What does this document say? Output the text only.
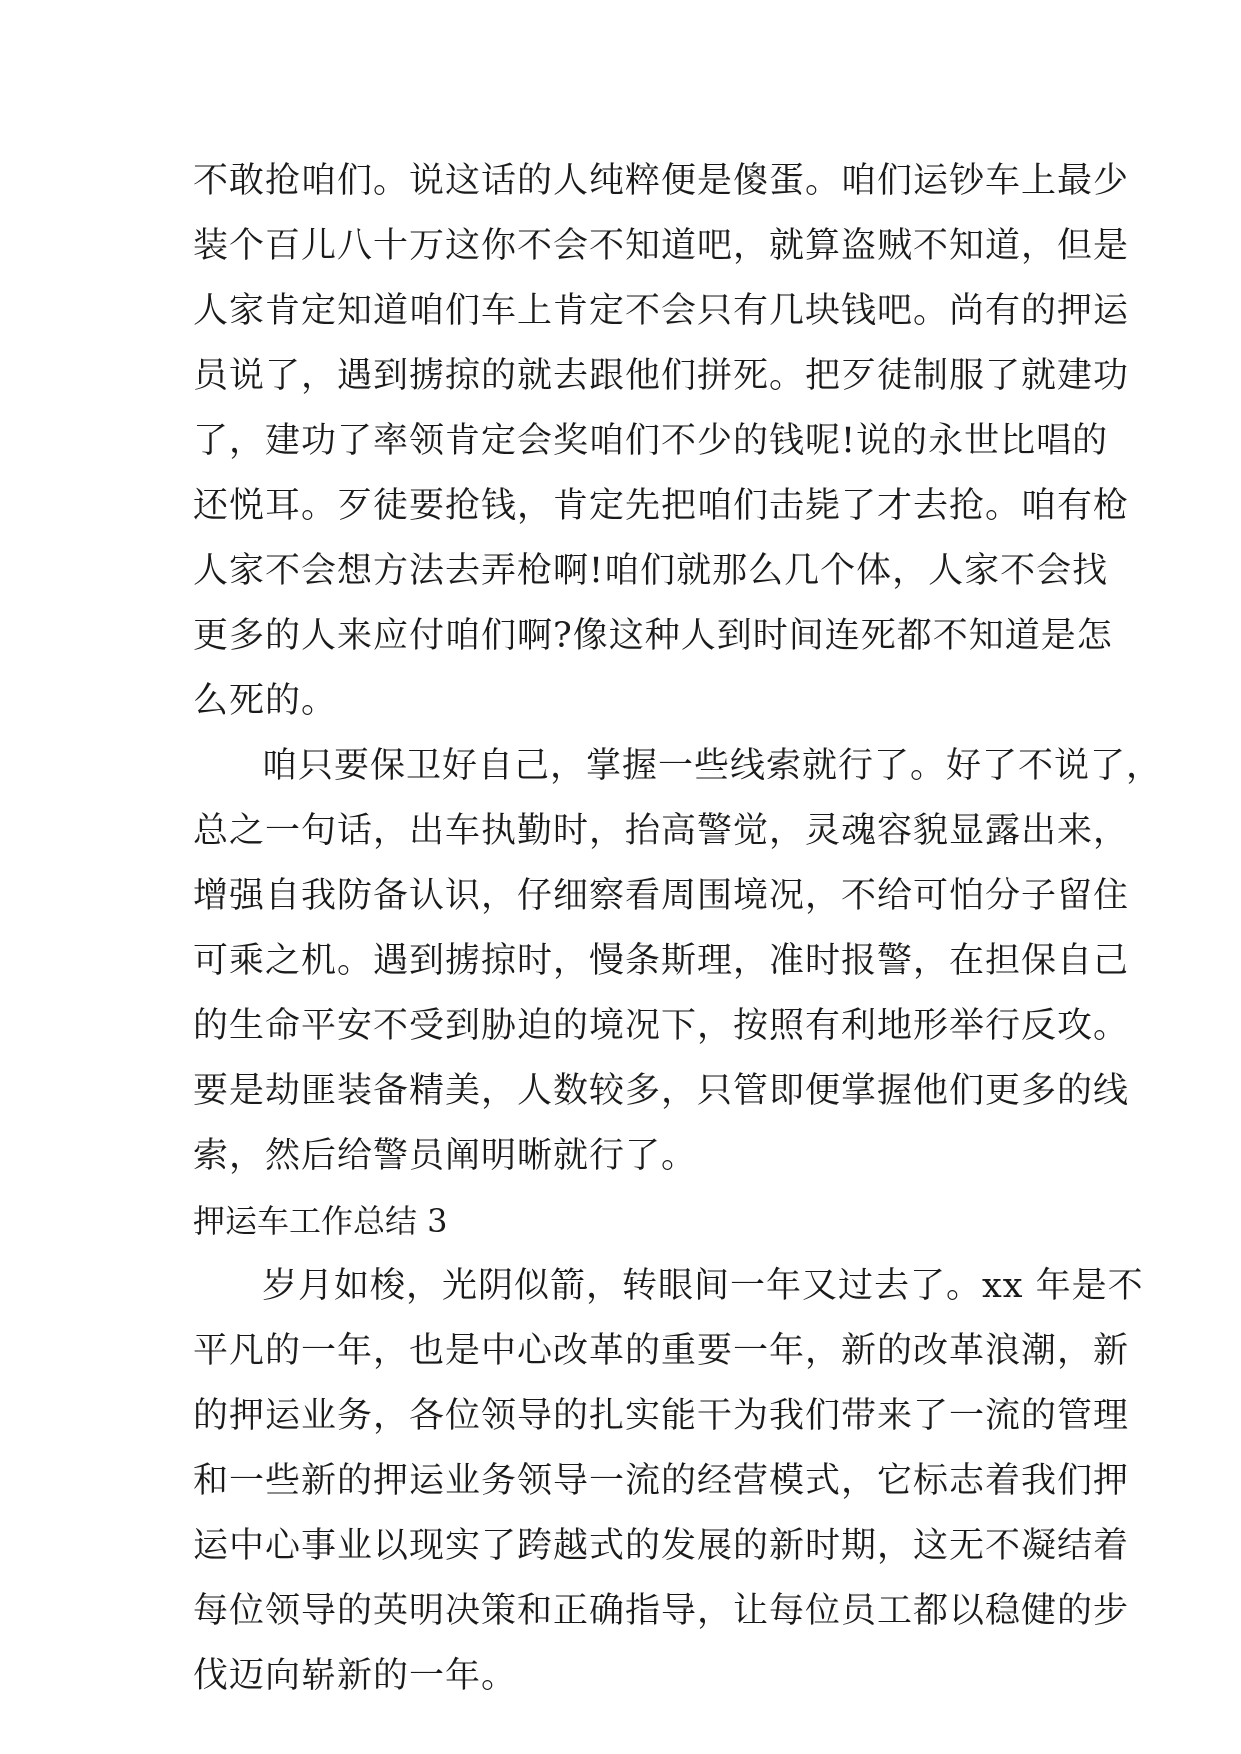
不敢抢咱们。说这话的人纯粹便是傻蛋。咱们运钞车上最少
装个百儿八十万这你不会不知道吧，就算盗贼不知道，但是
人家肯定知道咱们车上肯定不会只有几块钱吧。尚有的押运
员说了，遇到掳掠的就去跟他们拼死。把歹徒制服了就建功
了，建功了率领肯定会奖咱们不少的钱呢!说的永世比唱的
还悦耳。歹徒要抢钱，肯定先把咱们击毙了才去抢。咱有枪
人家不会想方法去弄枪啊!咱们就那么几个体，人家不会找
更多的人来应付咱们啊?像这种人到时间连死都不知道是怎
么死的。
咱只要保卫好自己，掌握一些线索就行了。好了不说了，
总之一句话，出车执勤时，抬高警觉，灵魂容貌显露出来，
增强自我防备认识，仔细察看周围境况，不给可怕分子留住
可乘之机。遇到掳掠时，慢条斯理，准时报警，在担保自己
的生命平安不受到胁迫的境况下，按照有利地形举行反攻。
要是劫匪装备精美，人数较多，只管即便掌握他们更多的线
索，然后给警员阐明晰就行了。
押运车工作总结 3
岁月如梭，光阴似箭，转眼间一年又过去了。xx 年是不
平凡的一年，也是中心改革的重要一年，新的改革浪潮，新
的押运业务，各位领导的扎实能干为我们带来了一流的管理
和一些新的押运业务领导一流的经营模式，它标志着我们押
运中心事业以现实了跨越式的发展的新时期，这无不凝结着
每位领导的英明决策和正确指导，让每位员工都以稳健的步
伐迈向崭新的一年。
